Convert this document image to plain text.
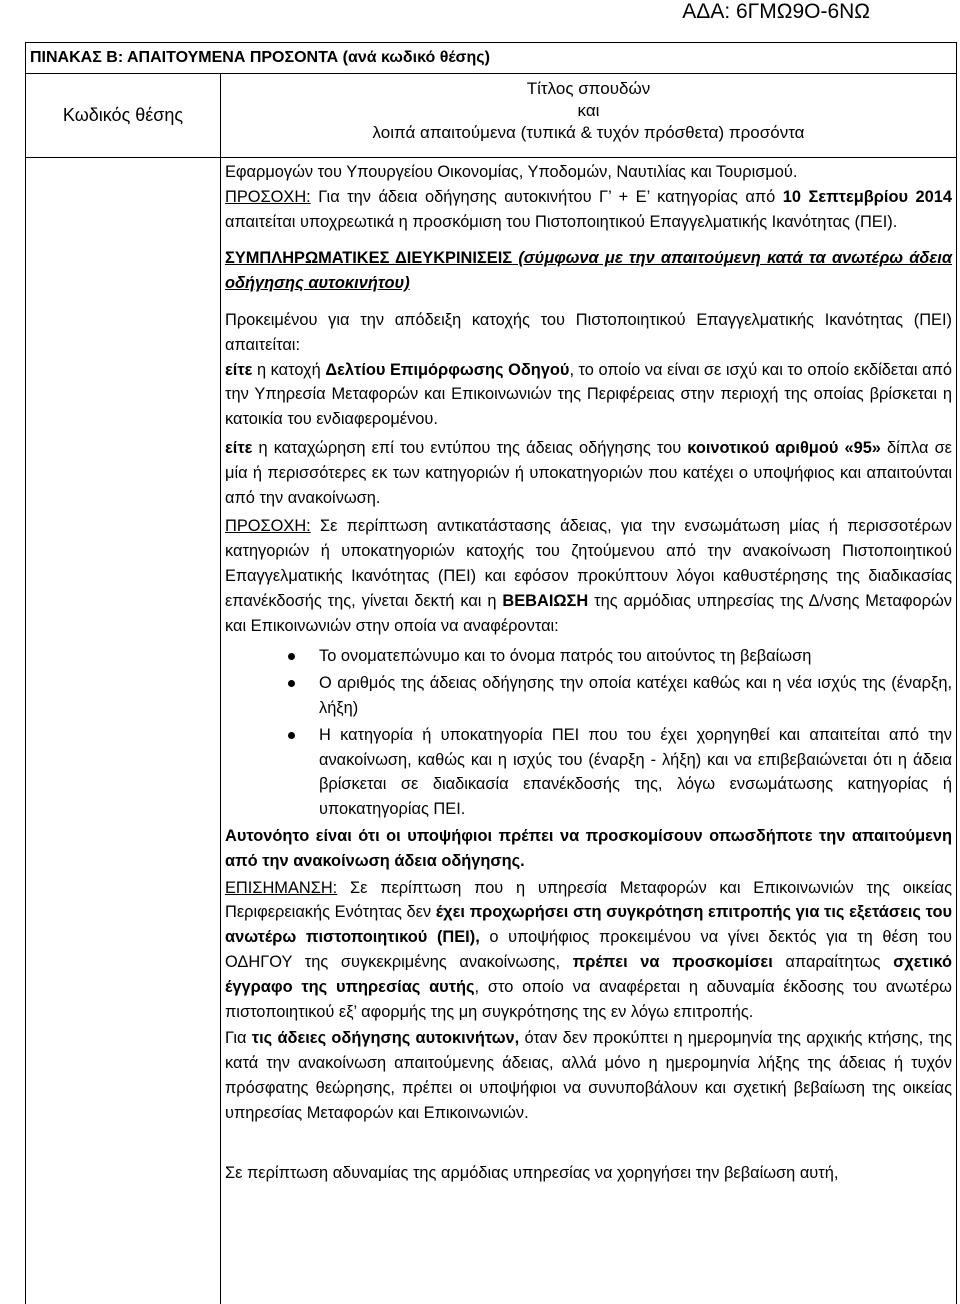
ΑΔΑ: 6ΓΜΩ9Ο-6ΝΩ
ΠΙΝΑΚΑΣ Β: ΑΠΑΙΤΟΥΜΕΝΑ ΠΡΟΣΟΝΤΑ (ανά κωδικό θέσης)
Κωδικός θέσης
Τίτλος σπουδών
και
λοιπά απαιτούμενα (τυπικά & τυχόν πρόσθετα) προσόντα

Εφαρμογών του Υπουργείου Οικονομίας, Υποδομών, Ναυτιλίας και Τουρισμού.

ΠΡΟΣΟΧΗ: Για την άδεια οδήγησης αυτοκινήτου Γ’ + Ε’ κατηγορίας από 10 Σεπτεμβρίου 2014 απαιτείται υποχρεωτικά η προσκόμιση του Πιστοποιητικού Επαγγελματικής Ικανότητας (ΠΕΙ).

ΣΥΜΠΛΗΡΩΜΑΤΙΚΕΣ ΔΙΕΥΚΡΙΝΙΣΕΙΣ (σύμφωνα με την απαιτούμενη κατά τα ανωτέρω άδεια οδήγησης αυτοκινήτου)

Προκειμένου για την απόδειξη κατοχής του Πιστοποιητικού Επαγγελματικής Ικανότητας (ΠΕΙ) απαιτείται:

είτε η κατοχή Δελτίου Επιμόρφωσης Οδηγού, το οποίο να είναι σε ισχύ και το οποίο εκδίδεται από την Υπηρεσία Μεταφορών και Επικοινωνιών της Περιφέρειας στην περιοχή της οποίας βρίσκεται η κατοικία του ενδιαφερομένου.

είτε η καταχώρηση επί του εντύπου της άδειας οδήγησης του κοινοτικού αριθμού «95» δίπλα σε μία ή περισσότερες εκ των κατηγοριών ή υποκατηγοριών που κατέχει ο υποψήφιος και απαιτούνται από την ανακοίνωση.

ΠΡΟΣΟΧΗ: Σε περίπτωση αντικατάστασης άδειας, για την ενσωμάτωση μίας ή περισσοτέρων κατηγοριών ή υποκατηγοριών κατοχής του ζητούμενου από την ανακοίνωση Πιστοποιητικού Επαγγελματικής Ικανότητας (ΠΕΙ) και εφόσον προκύπτουν λόγοι καθυστέρησης της διαδικασίας επανέκδοσής της, γίνεται δεκτή και η ΒΕΒΑΙΩΣΗ της αρμόδιας υπηρεσίας της Δ/νσης Μεταφορών και Επικοινωνιών στην οποία να αναφέρονται:

Το ονοματεπώνυμο και το όνομα πατρός του αιτούντος τη βεβαίωση
Ο αριθμός της άδειας οδήγησης την οποία κατέχει καθώς και η νέα ισχύς της (έναρξη, λήξη)
Η κατηγορία ή υποκατηγορία ΠΕΙ που του έχει χορηγηθεί και απαιτείται από την ανακοίνωση, καθώς και η ισχύς του (έναρξη - λήξη) και να επιβεβαιώνεται ότι η άδεια βρίσκεται σε διαδικασία επανέκδοσής της, λόγω ενσωμάτωσης κατηγορίας ή υποκατηγορίας ΠΕΙ.

Αυτονόητο είναι ότι οι υποψήφιοι πρέπει να προσκομίσουν οπωσδήποτε την απαιτούμενη από την ανακοίνωση άδεια οδήγησης.

ΕΠΙΣΗΜΑΝΣΗ: Σε περίπτωση που η υπηρεσία Μεταφορών και Επικοινωνιών της οικείας Περιφερειακής Ενότητας δεν έχει προχωρήσει στη συγκρότηση επιτροπής για τις εξετάσεις του ανωτέρω πιστοποιητικού (ΠΕΙ), ο υποψήφιος προκειμένου να γίνει δεκτός για τη θέση του ΟΔΗΓΟΥ της συγκεκριμένης ανακοίνωσης, πρέπει να προσκομίσει απαραίτητως σχετικό έγγραφο της υπηρεσίας αυτής, στο οποίο να αναφέρεται η αδυναμία έκδοσης του ανωτέρω πιστοποιητικού εξ’ αφορμής της μη συγκρότησης της εν λόγω επιτροπής.

Για τις άδειες οδήγησης αυτοκινήτων, όταν δεν προκύπτει η ημερομηνία της αρχικής κτήσης, της κατά την ανακοίνωση απαιτούμενης άδειας, αλλά μόνο η ημερομηνία λήξης της άδειας ή τυχόν πρόσφατης θεώρησης, πρέπει οι υποψήφιοι να συνυποβάλουν και σχετική βεβαίωση της οικείας υπηρεσίας Μεταφορών και Επικοινωνιών.

Σε περίπτωση αδυναμίας της αρμόδιας υπηρεσίας να χορηγήσει την βεβαίωση αυτή,
